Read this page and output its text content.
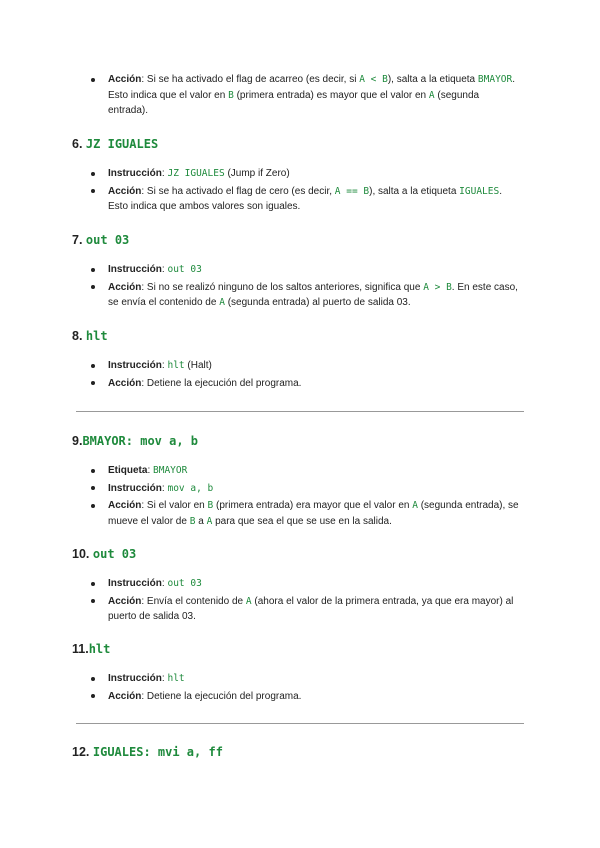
Acción: Si se ha activado el flag de acarreo (es decir, si A < B), salta a la etiqueta BMAYOR. Esto indica que el valor en B (primera entrada) es mayor que el valor en A (segunda entrada).
6. JZ IGUALES
Instrucción: JZ IGUALES (Jump if Zero)
Acción: Si se ha activado el flag de cero (es decir, A == B), salta a la etiqueta IGUALES. Esto indica que ambos valores son iguales.
7. out 03
Instrucción: out 03
Acción: Si no se realizó ninguno de los saltos anteriores, significa que A > B. En este caso, se envía el contenido de A (segunda entrada) al puerto de salida 03.
8. hlt
Instrucción: hlt (Halt)
Acción: Detiene la ejecución del programa.
9.BMAYOR: mov a, b
Etiqueta: BMAYOR
Instrucción: mov a, b
Acción: Si el valor en B (primera entrada) era mayor que el valor en A (segunda entrada), se mueve el valor de B a A para que sea el que se use en la salida.
10. out 03
Instrucción: out 03
Acción: Envía el contenido de A (ahora el valor de la primera entrada, ya que era mayor) al puerto de salida 03.
11.hlt
Instrucción: hlt
Acción: Detiene la ejecución del programa.
12. IGUALES: mvi a, ff
